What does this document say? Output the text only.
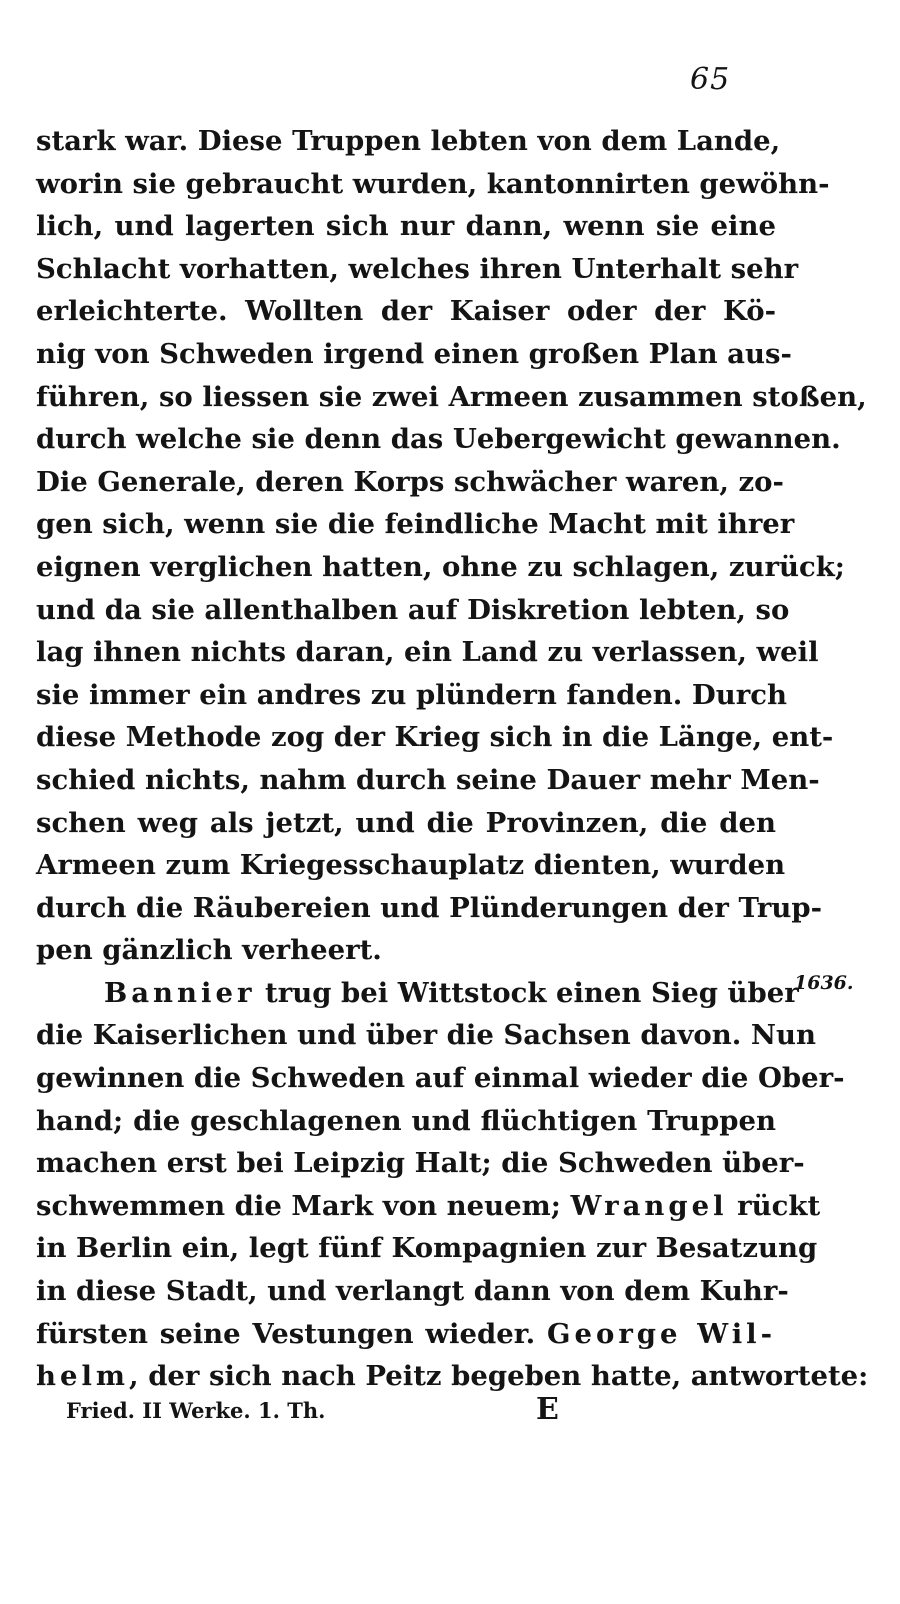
65
stark war. Diese Truppen lebten von dem Lande,
worin sie gebraucht wurden, kantonnirten gewöhn-
lich, und lagerten sich nur dann, wenn sie eine
Schlacht vorhatten, welches ihren Unterhalt sehr
erleichterte. Wollten der Kaiser oder der Kö-
nig von Schweden irgend einen großen Plan aus-
führen, so liessen sie zwei Armeen zusammen stoßen,
durch welche sie denn das Uebergewicht gewannen.
Die Generale, deren Korps schwächer waren, zo-
gen sich, wenn sie die feindliche Macht mit ihrer
eignen verglichen hatten, ohne zu schlagen, zurück;
und da sie allenthalben auf Diskretion lebten, so
lag ihnen nichts daran, ein Land zu verlassen, weil
sie immer ein andres zu plündern fanden. Durch
diese Methode zog der Krieg sich in die Länge, ent-
schied nichts, nahm durch seine Dauer mehr Men-
schen weg als jetzt, und die Provinzen, die den
Armeen zum Kriegesschauplatz dienten, wurden
durch die Räubereien und Plünderungen der Trup-
pen gänzlich verheert.
Bannier trug bei Wittstock einen Sieg über
die Kaiserlichen und über die Sachsen davon. Nun
gewinnen die Schweden auf einmal wieder die Ober-
hand; die geschlagenen und flüchtigen Truppen
machen erst bei Leipzig Halt; die Schweden über-
schwemmen die Mark von neuem; Wrangel rückt
in Berlin ein, legt fünf Kompagnien zur Besatzung
in diese Stadt, und verlangt dann von dem Kuhr-
fürsten seine Vestungen wieder. George Wil-
helm, der sich nach Peitz begeben hatte, antwortete:
1636.
Fried. II Werke. 1. Th.	E
